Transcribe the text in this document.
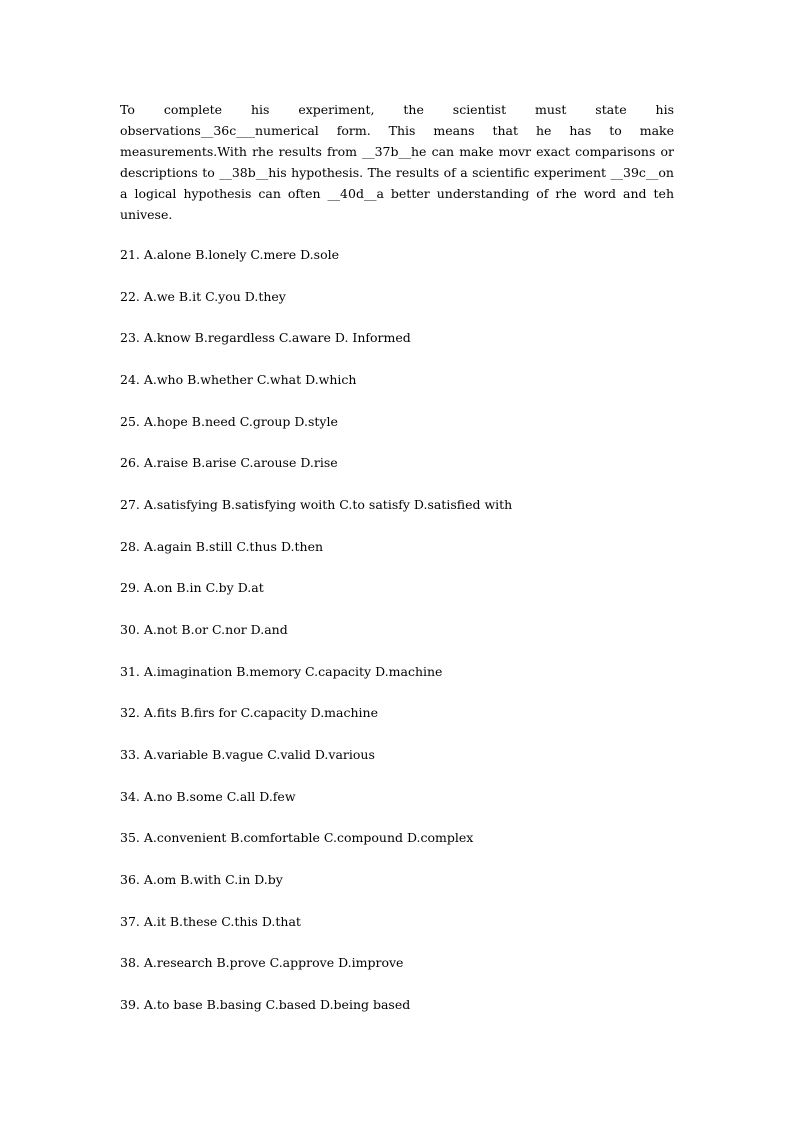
To complete his experiment, the scientist must state his observations__36c___numerical form. This means that he has to make measurements.With rhe results from __37b__he can make movr exact comparisons or descriptions to __38b__his hypothesis. The results of a scientific experiment __39c__on a logical hypothesis can often __40d__a better understanding of rhe word and teh univese.

21. A.alone B.lonely C.mere D.sole
22. A.we B.it C.you D.they
23. A.know B.regardless C.aware D. Informed
24. A.who B.whether C.what D.which
25. A.hope B.need C.group D.style
26. A.raise B.arise C.arouse D.rise
27. A.satisfying B.satisfying woith C.to satisfy D.satisfied with
28. A.again B.still C.thus D.then
29. A.on B.in C.by D.at
30. A.not B.or C.nor D.and
31. A.imagination B.memory C.capacity D.machine
32. A.fits B.firs for C.capacity D.machine
33. A.variable B.vague C.valid D.various
34. A.no B.some C.all D.few
35. A.convenient B.comfortable C.compound D.complex
36. A.om B.with C.in D.by
37. A.it B.these C.this D.that
38. A.research B.prove C.approve D.improve
39. A.to base B.basing C.based D.being based
